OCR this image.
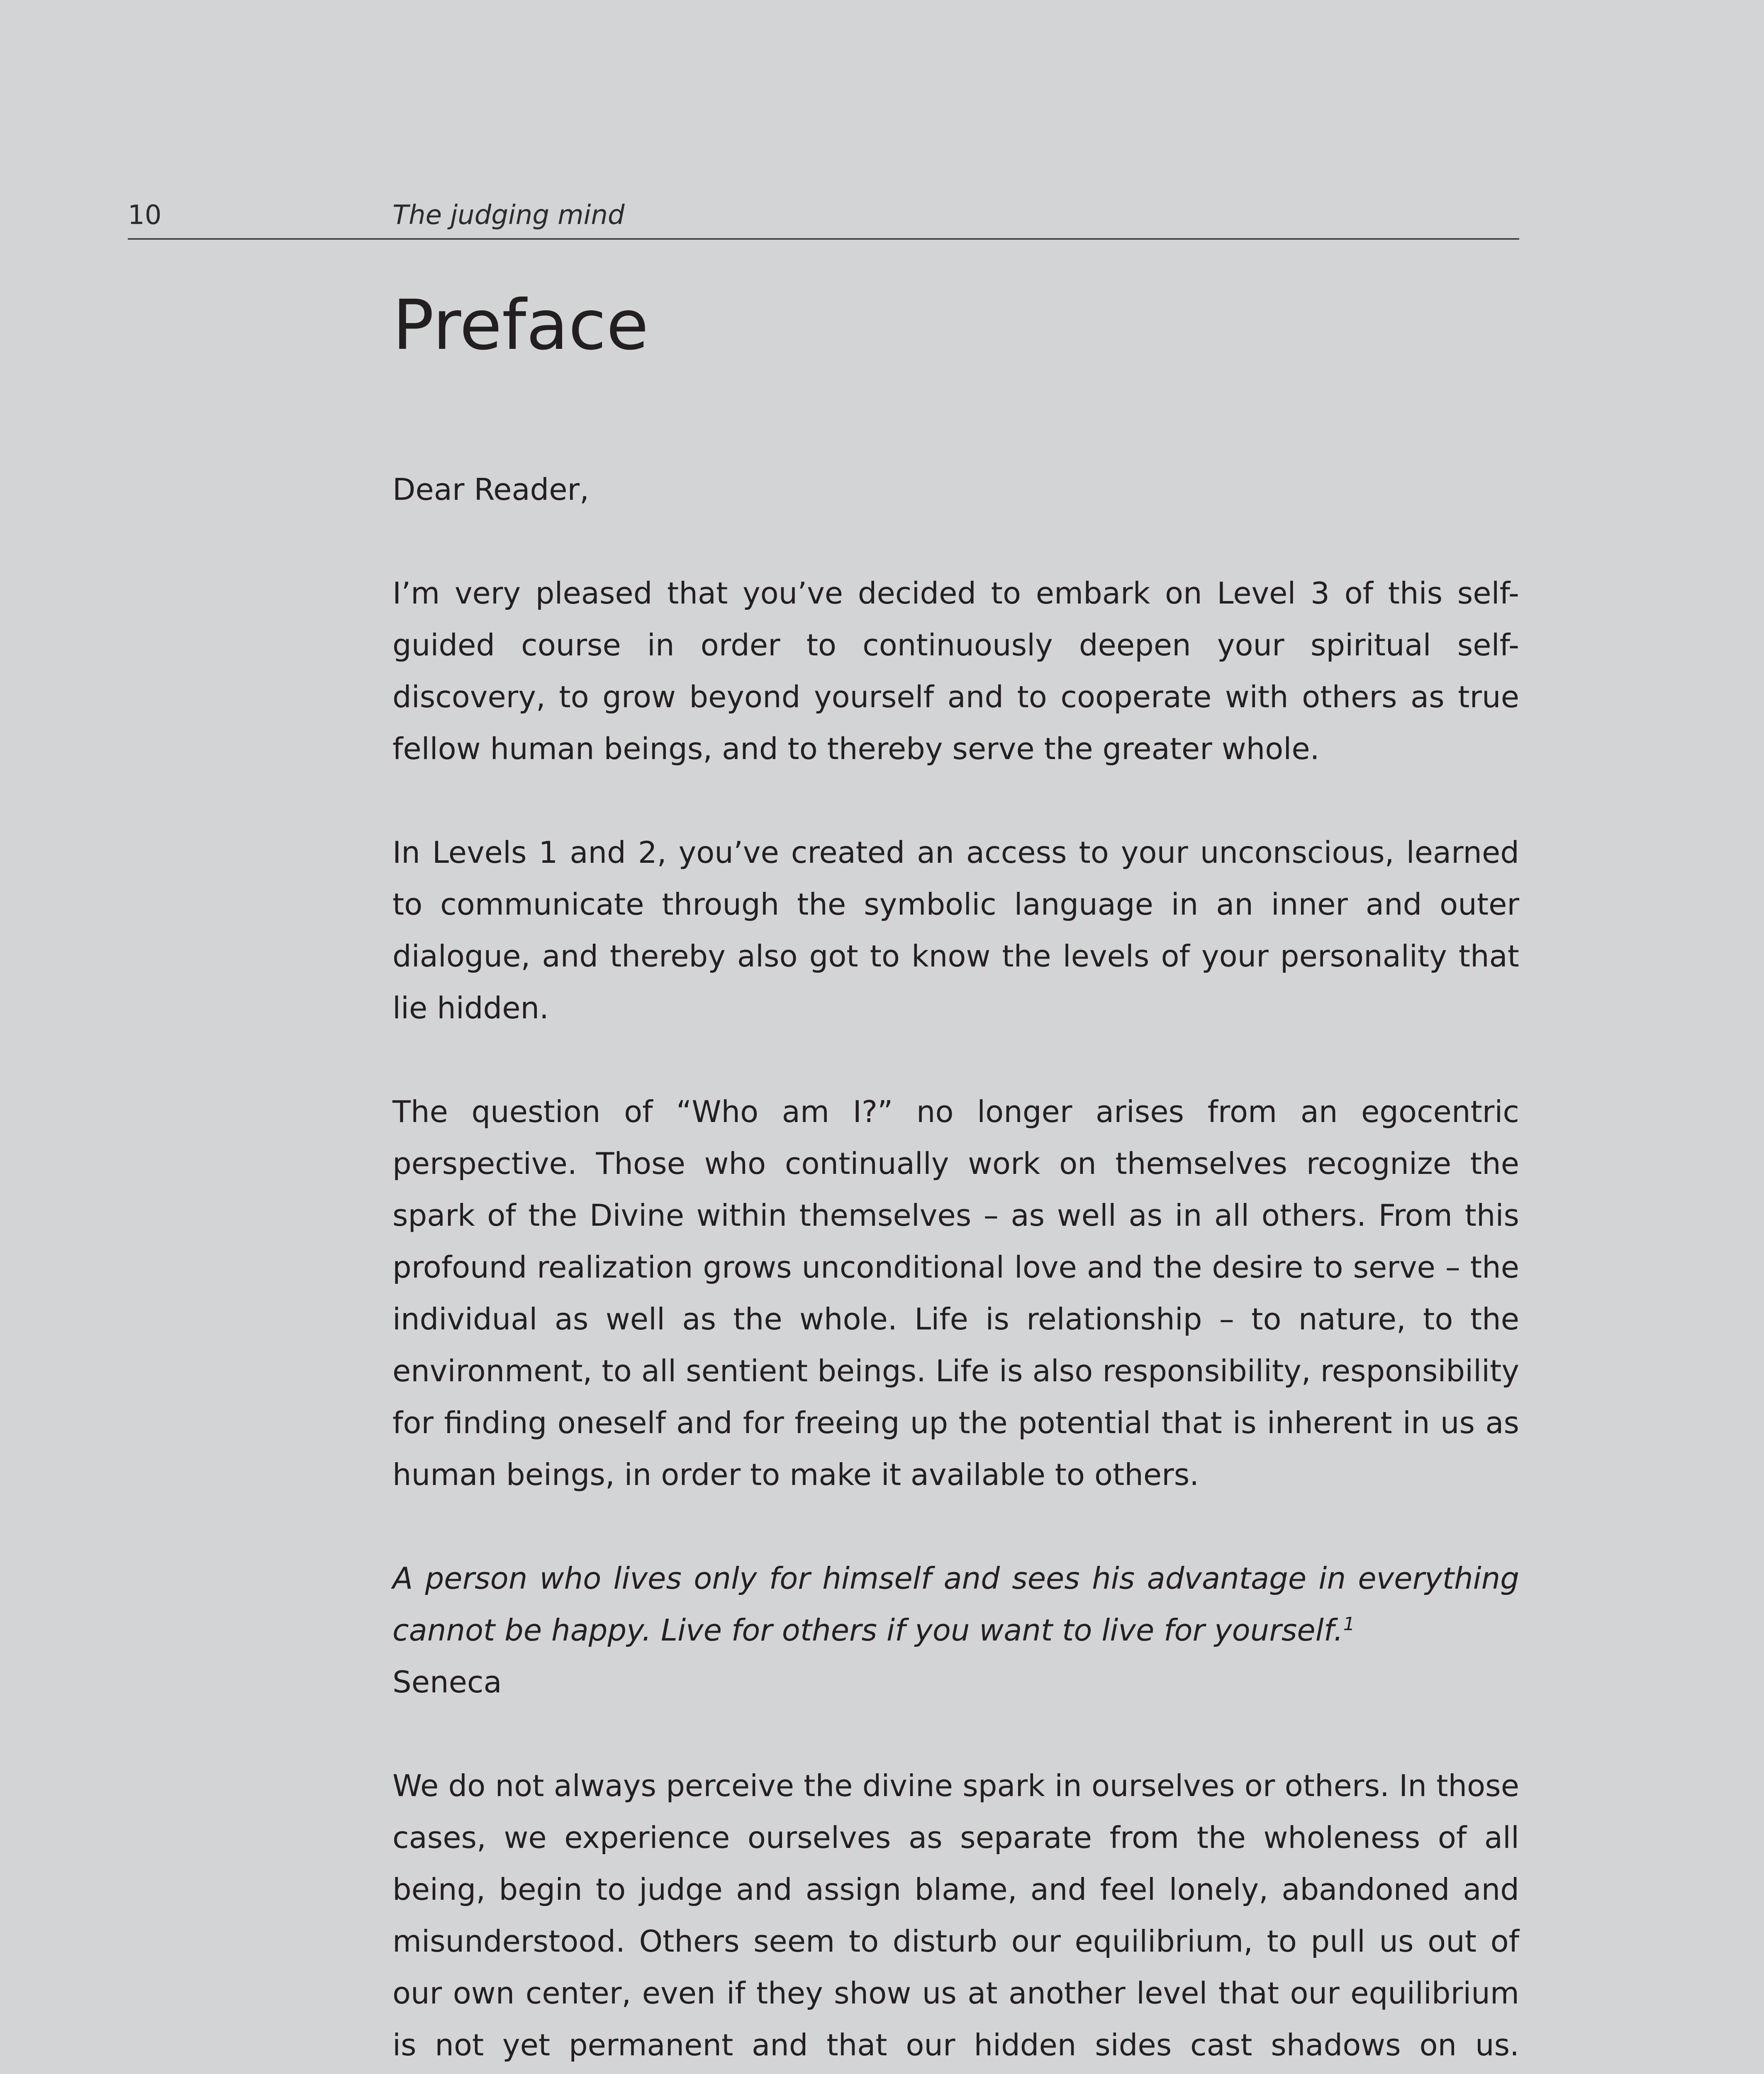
10	The judging mind
Preface

Dear Reader,

I’m very pleased that you’ve decided to embark on Level 3 of this self-guided course in order to continuously deepen your spiritual self-discovery, to grow beyond yourself and to cooperate with others as true fellow human beings, and to thereby serve the greater whole.

In Levels 1 and 2, you’ve created an access to your unconscious, learned to communicate through the symbolic language in an inner and outer dialogue, and thereby also got to know the levels of your personality that lie hidden.

The question of “Who am I?” no longer arises from an egocentric perspective. Those who continually work on themselves recognize the spark of the Divine within themselves – as well as in all others. From this profound realization grows unconditional love and the desire to serve – the individual as well as the whole. Life is relationship – to nature, to the environment, to all sentient beings. Life is also responsibility, responsibility for finding oneself and for freeing up the potential that is inherent in us as human beings, in order to make it available to others.

A person who lives only for himself and sees his advantage in everything cannot be happy. Live for others if you want to live for yourself.$^1$

Seneca

We do not always perceive the divine spark in ourselves or others. In those cases, we experience ourselves as separate from the wholeness of all being, begin to judge and assign blame, and feel lonely, abandoned and misunderstood. Others seem to disturb our equilibrium, to pull us out of our own center, even if they show us at another level that our equilibrium is not yet permanent and that our hidden sides cast shadows on us.
